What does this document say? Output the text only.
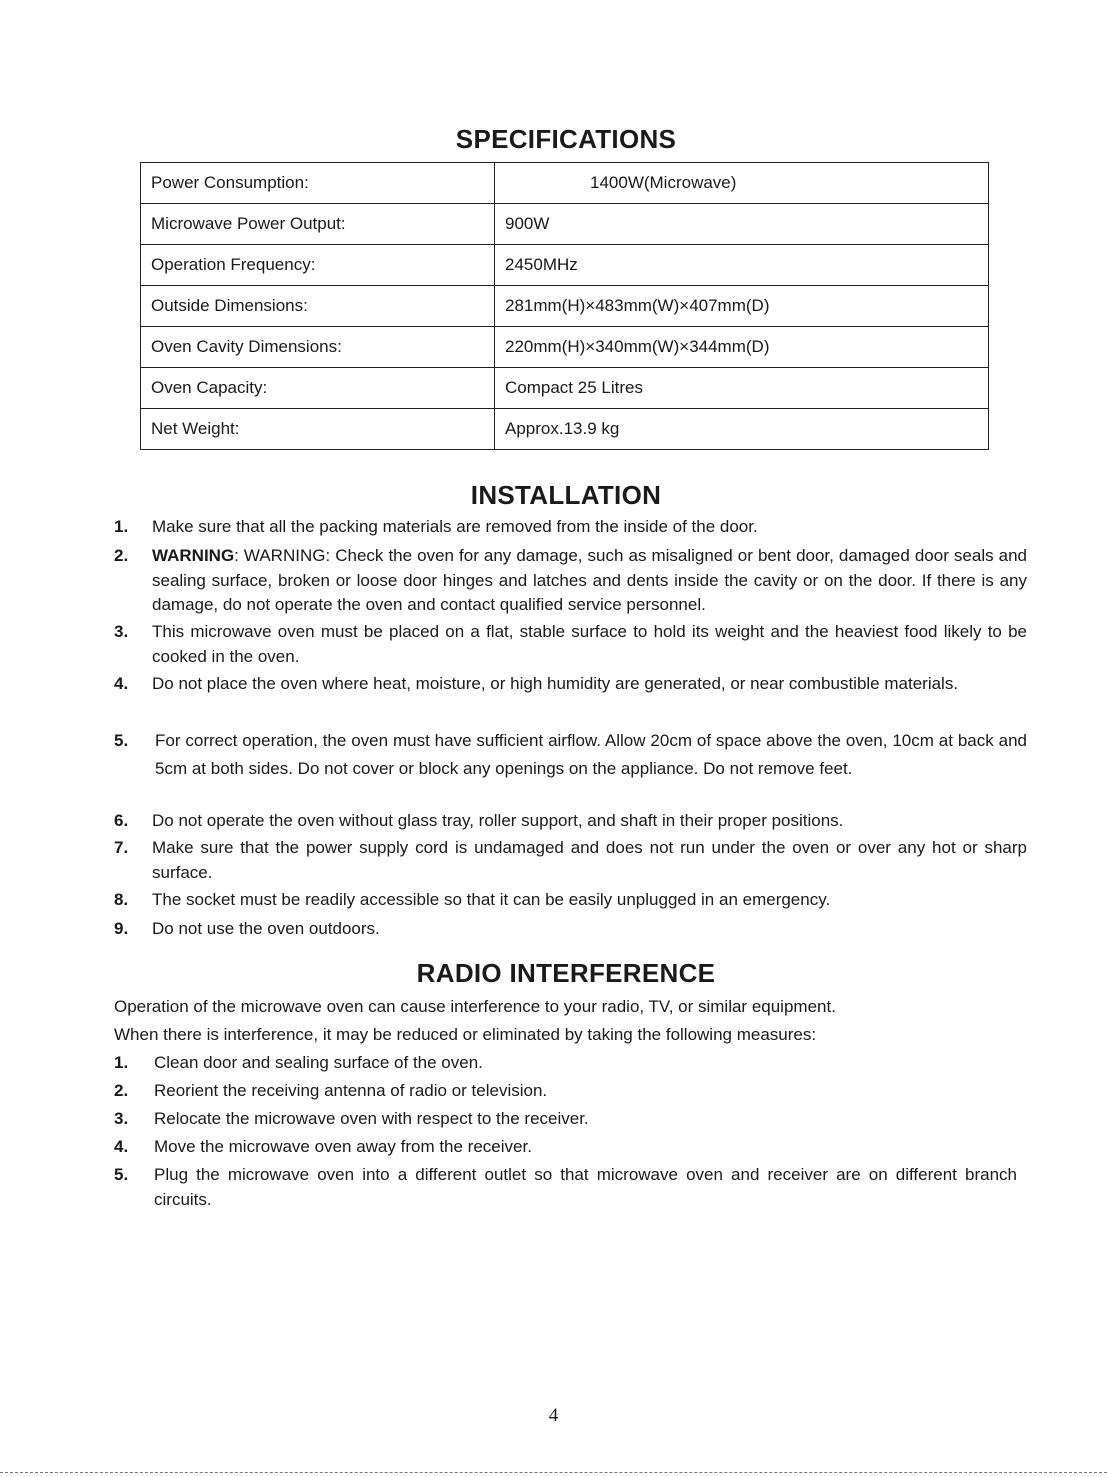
SPECIFICATIONS
Power Consumption:	1400W(Microwave)
Microwave Power Output:	900W
Operation Frequency:	2450MHz
Outside Dimensions:	281mm(H)×483mm(W)×407mm(D)
Oven Cavity Dimensions:	220mm(H)×340mm(W)×344mm(D)
Oven Capacity:	Compact 25 Litres
Net Weight:	Approx.13.9 kg
INSTALLATION
1. Make sure that all the packing materials are removed from the inside of the door.
2. WARNING: WARNING: Check the oven for any damage, such as misaligned or bent door, damaged door seals and sealing surface, broken or loose door hinges and latches and dents inside the cavity or on the door. If there is any damage, do not operate the oven and contact qualified service personnel.
3. This microwave oven must be placed on a flat, stable surface to hold its weight and the heaviest food likely to be cooked in the oven.
4. Do not place the oven where heat, moisture, or high humidity are generated, or near combustible materials.
5. For correct operation, the oven must have sufficient airflow. Allow 20cm of space above the oven, 10cm at back and 5cm at both sides. Do not cover or block any openings on the appliance. Do not remove feet.
6. Do not operate the oven without glass tray, roller support, and shaft in their proper positions.
7. Make sure that the power supply cord is undamaged and does not run under the oven or over any hot or sharp surface.
8. The socket must be readily accessible so that it can be easily unplugged in an emergency.
9. Do not use the oven outdoors.
RADIO INTERFERENCE
Operation of the microwave oven can cause interference to your radio, TV, or similar equipment.
When there is interference, it may be reduced or eliminated by taking the following measures:
1. Clean door and sealing surface of the oven.
2. Reorient the receiving antenna of radio or television.
3. Relocate the microwave oven with respect to the receiver.
4. Move the microwave oven away from the receiver.
5. Plug the microwave oven into a different outlet so that microwave oven and receiver are on different branch circuits.
4
